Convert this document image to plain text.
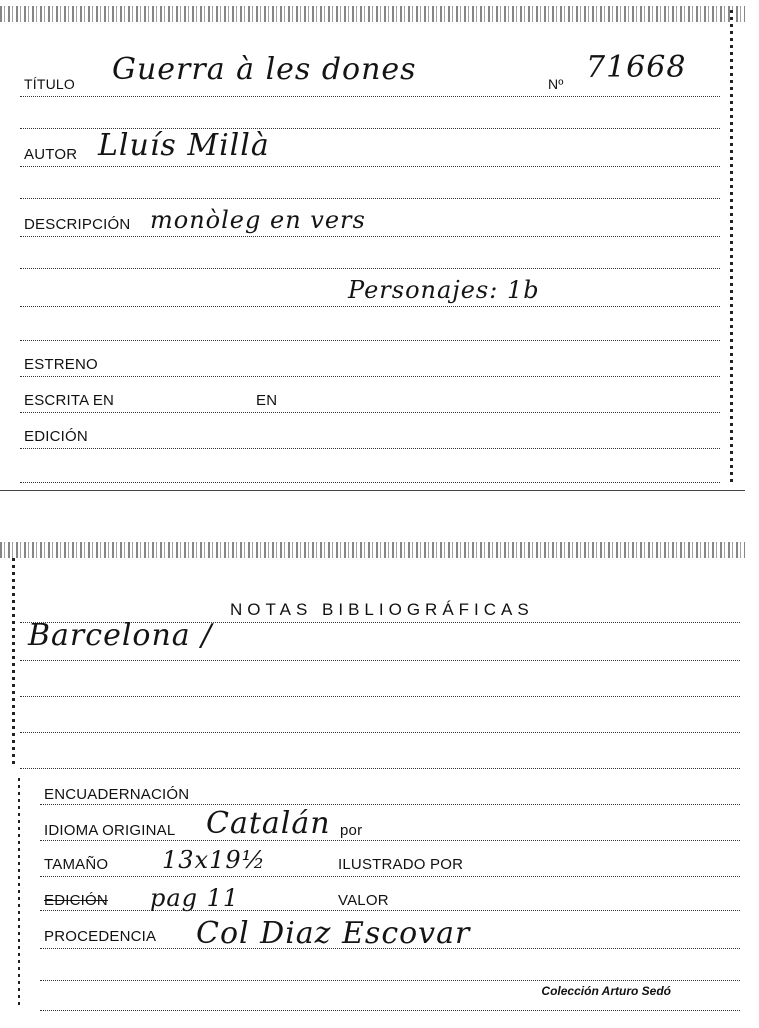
TÍTULO Guerra à les dones	Nº 71668
AUTOR Lluís Millà
DESCRIPCIÓN monòleg en vers
Personajes: 1b
ESTRENO
ESCRITA EN	EN
EDICIÓN
NOTAS BIBLIOGRÁFICAS
Barcelona /
ENCUADERNACIÓN
IDIOMA ORIGINAL Catalán por
TAMAÑO 13x19½	ILUSTRADO POR
EDICIÓN pag 11	VALOR
PROCEDENCIA Col Diaz Escovar
Colección Arturo Sedó
